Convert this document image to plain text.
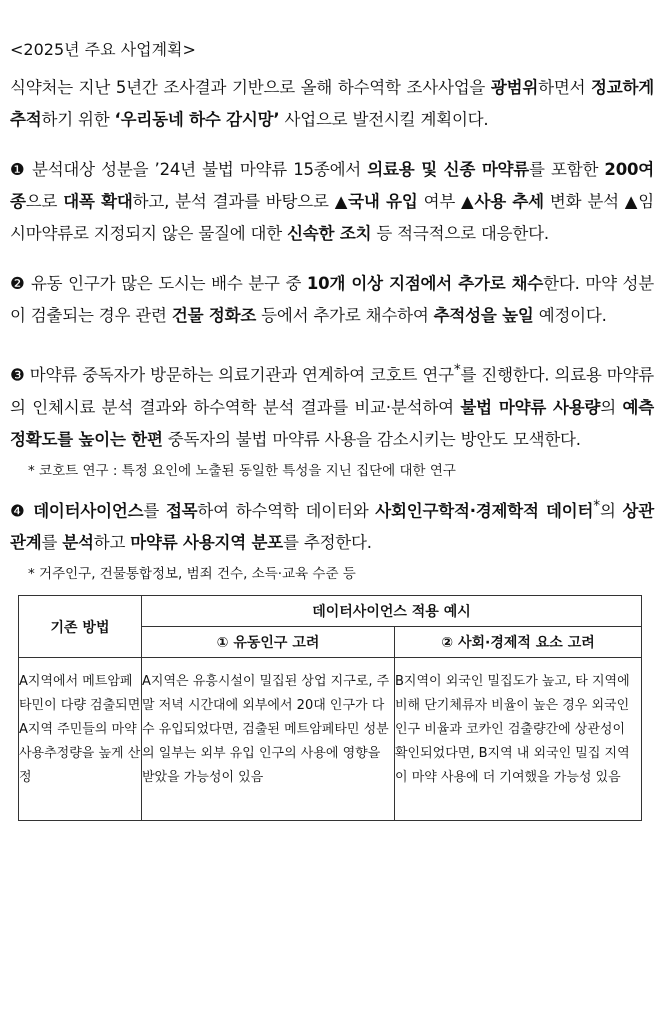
<2025년 주요 사업계획>

식약처는 지난 5년간 조사결과 기반으로 올해 하수역학 조사사업을 광범위하면서 정교하게 추적하기 위한 ‘우리동네 하수 감시망’ 사업으로 발전시킬 계획이다.

❶ 분석대상 성분을 ’24년 불법 마약류 15종에서 의료용 및 신종 마약류를 포함한 200여 종으로 대폭 확대하고, 분석 결과를 바탕으로 ▲국내 유입 여부 ▲사용 추세 변화 분석 ▲임시마약류로 지정되지 않은 물질에 대한 신속한 조치 등 적극적으로 대응한다.

❷ 유동 인구가 많은 도시는 배수 분구 중 10개 이상 지점에서 추가로 채수한다. 마약 성분이 검출되는 경우 관련 건물 정화조 등에서 추가로 채수하여 추적성을 높일 예정이다.

❸ 마약류 중독자가 방문하는 의료기관과 연계하여 코호트 연구*를 진행한다. 의료용 마약류의 인체시료 분석 결과와 하수역학 분석 결과를 비교·분석하여 불법 마약류 사용량의 예측 정확도를 높이는 한편 중독자의 불법 마약류 사용을 감소시키는 방안도 모색한다.

* 코호트 연구 : 특정 요인에 노출된 동일한 특성을 지닌 집단에 대한 연구

❹ 데이터사이언스를 접목하여 하수역학 데이터와 사회인구학적·경제학적 데이터*의 상관관계를 분석하고 마약류 사용지역 분포를 추정한다.

* 거주인구, 건물통합정보, 범죄 건수, 소득·교육 수준 등
기존 방법	데이터사이언스 적용 예시	
	① 유동인구 고려	② 사회·경제적 요소 고려
A지역에서 메트암페타민이 다량 검출되면 A지역 주민들의 마약 사용추정량을 높게 산정	A지역은 유흥시설이 밀집된 상업 지구로, 주말 저녁 시간대에 외부에서 20대 인구가 다수 유입되었다면, 검출된 메트암페타민 성분의 일부는 외부 유입 인구의 사용에 영향을 받았을 가능성이 있음	B지역이 외국인 밀집도가 높고, 타 지역에 비해 단기체류자 비율이 높은 경우 외국인 인구 비율과 코카인 검출량간에 상관성이 확인되었다면, B지역 내 외국인 밀집 지역이 마약 사용에 더 기여했을 가능성 있음
